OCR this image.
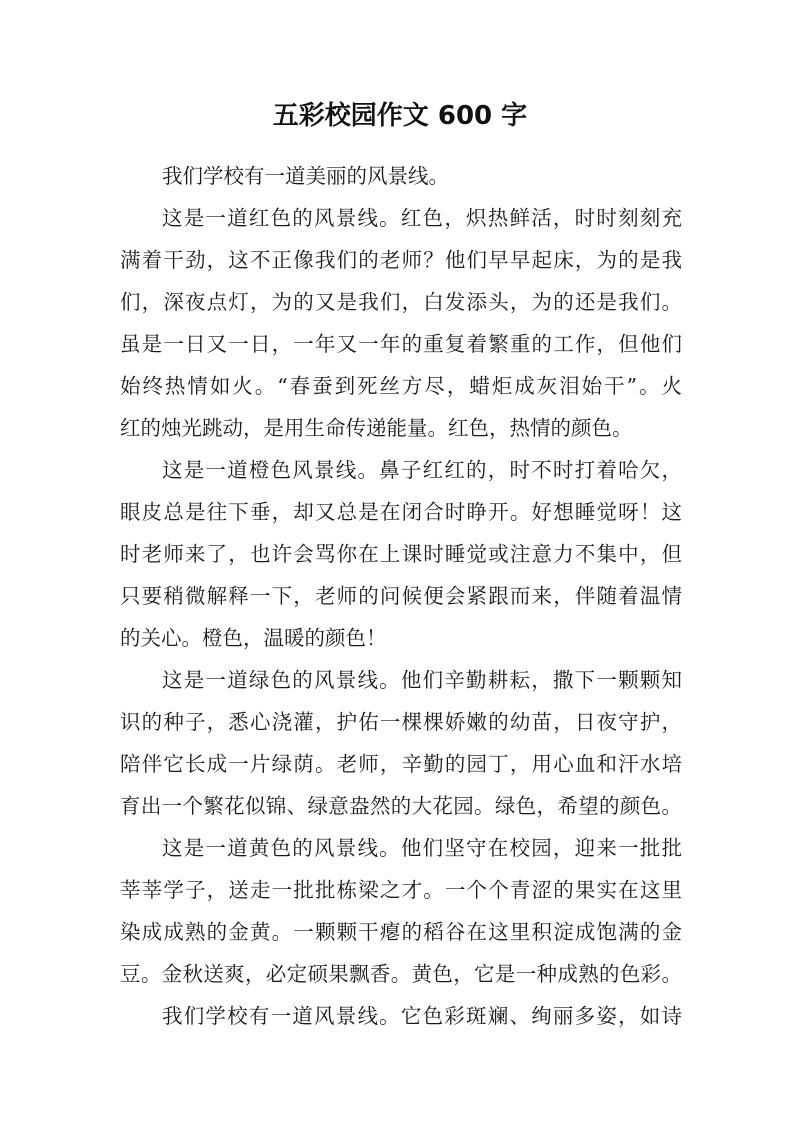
五彩校园作文 600 字

我们学校有一道美丽的风景线。

这是一道红色的风景线。红色，炽热鲜活，时时刻刻充

满着干劲，这不正像我们的老师？他们早早起床，为的是我

们，深夜点灯，为的又是我们，白发添头，为的还是我们。

虽是一日又一日，一年又一年的重复着繁重的工作，但他们

始终热情如火。“春蚕到死丝方尽，蜡炬成灰泪始干”。火

红的烛光跳动，是用生命传递能量。红色，热情的颜色。

这是一道橙色风景线。鼻子红红的，时不时打着哈欠，

眼皮总是往下垂，却又总是在闭合时睁开。好想睡觉呀！这

时老师来了，也许会骂你在上课时睡觉或注意力不集中，但

只要稍微解释一下，老师的问候便会紧跟而来，伴随着温情

的关心。橙色，温暖的颜色！

这是一道绿色的风景线。他们辛勤耕耘，撒下一颗颗知

识的种子，悉心浇灌，护佑一棵棵娇嫩的幼苗，日夜守护，

陪伴它长成一片绿荫。老师，辛勤的园丁，用心血和汗水培

育出一个繁花似锦、绿意盎然的大花园。绿色，希望的颜色。

这是一道黄色的风景线。他们坚守在校园，迎来一批批

莘莘学子，送走一批批栋梁之才。一个个青涩的果实在这里

染成成熟的金黄。一颗颗干瘪的稻谷在这里积淀成饱满的金

豆。金秋送爽，必定硕果飘香。黄色，它是一种成熟的色彩。

我们学校有一道风景线。它色彩斑斓、绚丽多姿，如诗
